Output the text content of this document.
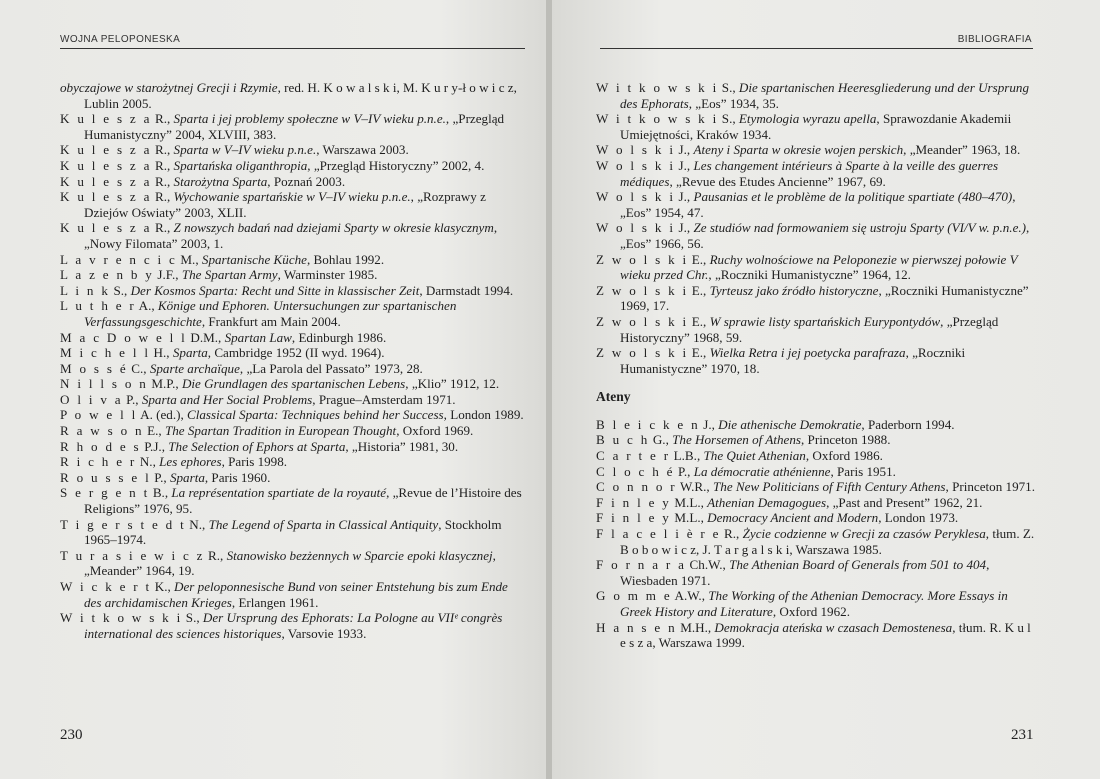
WOJNA PELOPONESKA

obyczajowe w starożytnej Grecji i Rzymie, red. H. K o w a l s k i, M. K u r y-ł o w i c z, Lublin 2005.

K u l e s z a R., Sparta i jej problemy społeczne w V–IV wieku p.n.e., „Przegląd Humanistyczny” 2004, XLVIII, 383.

K u l e s z a R., Sparta w V–IV wieku p.n.e., Warszawa 2003.

K u l e s z a R., Spartańska oliganthropia, „Przegląd Historyczny” 2002, 4.

K u l e s z a R., Starożytna Sparta, Poznań 2003.

K u l e s z a R., Wychowanie spartańskie w V–IV wieku p.n.e., „Rozprawy z Dziejów Oświaty” 2003, XLII.

K u l e s z a R., Z nowszych badań nad dziejami Sparty w okresie klasycznym, „Nowy Filomata” 2003, 1.

L a v r e n c i c M., Spartanische Küche, Bohlau 1992.

L a z e n b y J.F., The Spartan Army, Warminster 1985.

L i n k S., Der Kosmos Sparta: Recht und Sitte in klassischer Zeit, Darmstadt 1994.

L u t h e r A., Könige und Ephoren. Untersuchungen zur spartanischen Verfassungsgeschichte, Frankfurt am Main 2004.

M a c D o w e l l D.M., Spartan Law, Edinburgh 1986.

M i c h e l l H., Sparta, Cambridge 1952 (II wyd. 1964).

M o s s é C., Sparte archaïque, „La Parola del Passato” 1973, 28.

N i l l s o n M.P., Die Grundlagen des spartanischen Lebens, „Klio” 1912, 12.

O l i v a P., Sparta and Her Social Problems, Prague–Amsterdam 1971.

P o w e l l A. (ed.), Classical Sparta: Techniques behind her Success, London 1989.

R a w s o n E., The Spartan Tradition in European Thought, Oxford 1969.

R h o d e s P.J., The Selection of Ephors at Sparta, „Historia” 1981, 30.

R i c h e r N., Les ephores, Paris 1998.

R o u s s e l P., Sparta, Paris 1960.

S e r g e n t B., La représentation spartiate de la royauté, „Revue de l’Histoire des Religions” 1976, 95.

T i g e r s t e d t N., The Legend of Sparta in Classical Antiquity, Stockholm 1965–1974.

T u r a s i e w i c z R., Stanowisko bezżennych w Sparcie epoki klasycznej, „Meander” 1964, 19.

W i c k e r t K., Der peloponnesische Bund von seiner Entstehung bis zum Ende des archidamischen Krieges, Erlangen 1961.

W i t k o w s k i S., Der Ursprung des Ephorats: La Pologne au VIIᵉ congrès international des sciences historiques, Varsovie 1933.

230
BIBLIOGRAFIA

W i t k o w s k i S., Die spartanischen Heeresgliederung und der Ursprung des Ephorats, „Eos” 1934, 35.

W i t k o w s k i S., Etymologia wyrazu apella, Sprawozdanie Akademii Umiejętności, Kraków 1934.

W o l s k i J., Ateny i Sparta w okresie wojen perskich, „Meander” 1963, 18.

W o l s k i J., Les changement intérieurs à Sparte à la veille des guerres médiques, „Revue des Etudes Ancienne” 1967, 69.

W o l s k i J., Pausanias et le problème de la politique spartiate (480–470), „Eos” 1954, 47.

W o l s k i J., Ze studiów nad formowaniem się ustroju Sparty (VI/V w. p.n.e.), „Eos” 1966, 56.

Z w o l s k i E., Ruchy wolnościowe na Peloponezie w pierwszej połowie V wieku przed Chr., „Roczniki Humanistyczne” 1964, 12.

Z w o l s k i E., Tyrteusz jako źródło historyczne, „Roczniki Humanistyczne” 1969, 17.

Z w o l s k i E., W sprawie listy spartańskich Eurypontydów, „Przegląd Historyczny” 1968, 59.

Z w o l s k i E., Wielka Retra i jej poetycka parafraza, „Roczniki Humanistyczne” 1970, 18.

Ateny

B l e i c k e n J., Die athenische Demokratie, Paderborn 1994.

B u c h G., The Horsemen of Athens, Princeton 1988.

C a r t e r L.B., The Quiet Athenian, Oxford 1986.

C l o c h é P., La démocratie athénienne, Paris 1951.

C o n n o r W.R., The New Politicians of Fifth Century Athens, Princeton 1971.

F i n l e y M.L., Athenian Demagogues, „Past and Present” 1962, 21.

F i n l e y M.L., Democracy Ancient and Modern, London 1973.

F l a c e l i è r e R., Życie codzienne w Grecji za czasów Peryklesa, tłum. Z. B o b o w i c z, J. T a r g a l s k i, Warszawa 1985.

F o r n a r a Ch.W., The Athenian Board of Generals from 501 to 404, Wiesbaden 1971.

G o m m e A.W., The Working of the Athenian Democracy. More Essays in Greek History and Literature, Oxford 1962.

H a n s e n M.H., Demokracja ateńska w czasach Demostenesa, tłum. R. K u l e s z a, Warszawa 1999.

231
